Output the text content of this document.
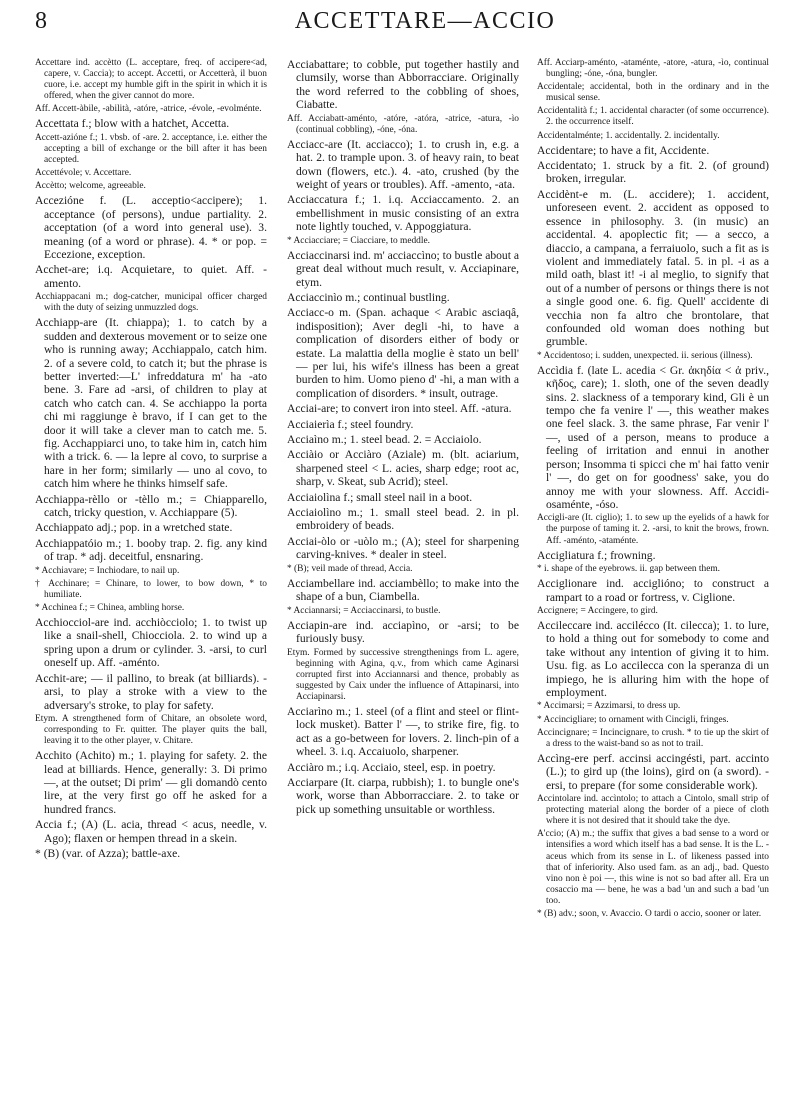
8	ACCETTARE—ACCIO

Accettare ind. accètto (L. acceptare, freq. of accipere<ad, capere, v. Caccia); to accept. Accetti, or Accetterà, il buon cuore, i.e. accept my humble gift in the spirit in which it is offered, when the giver cannot do more.

Aff. Accett-àbile, -abilità, -atóre, -atrice, -évole, -evolménte.

Accettata f.; blow with a hatchet, Accetta.

Accett-azióne f.; 1. vbsb. of -are. 2. acceptance, i.e. either the accepting a bill of exchange or the bill after it has been accepted.

Accettévole; v. Accettare.

Accètto; welcome, agreeable.

Accezióne f. (L. acceptio<accipere); 1. acceptance (of persons), undue partiality. 2. acceptation (of a word into general use). 3. meaning (of a word or phrase). 4. * or pop. = Eccezione, exception.

Acchet-are; i.q. Acquietare, to quiet. Aff. -amento.

Acchiappacani m.; dog-catcher, municipal officer charged with the duty of seizing unmuzzled dogs.

Acchiapp-are (It. chiappa); 1. to catch by a sudden and dexterous movement or to seize one who is running away; Acchiappalo, catch him. 2. of a severe cold, to catch it; but the phrase is better inverted:—L' infreddatura m' ha -ato bene. 3. Fare ad -arsi, of children to play at catch who catch can. 4. Se acchiappo la porta chi mi raggiunge è bravo, if I can get to the door it will take a clever man to catch me. 5. fig. Acchappiarci uno, to take him in, catch him with a trick. 6. — la lepre al covo, to surprise a hare in her form; similarly — uno al covo, to catch him where he thinks himself safe.

Acchiappa-rèllo or -tèllo m.; = Chiapparello, catch, tricky question, v. Acchiappare (5).

Acchiappato adj.; pop. in a wretched state.

Acchiappatóio m.; 1. booby trap. 2. fig. any kind of trap. * adj. deceitful, ensnaring.

* Acchiavare; = Inchiodare, to nail up.

† Acchinare; = Chinare, to lower, to bow down, * to humiliate.

* Acchinea f.; = Chinea, ambling horse.

Acchiocciol-are ind. acchiòcciolo; 1. to twist up like a snail-shell, Chiocciola. 2. to wind up a spring upon a drum or cylinder. 3. -arsi, to curl oneself up. Aff. -aménto.

Acchit-are; — il pallino, to break (at billiards). -arsi, to play a stroke with a view to the adversary's stroke, to play for safety.

Etym. A strengthened form of Chitare, an obsolete word, corresponding to Fr. quitter. The player quits the ball, leaving it to the other player, v. Chitare.

Acchito (Achito) m.; 1. playing for safety. 2. the lead at billiards. Hence, generally: 3. Di primo —, at the outset; Di prim' — gli domandò cento lire, at the very first go off he asked for a hundred francs.

Accia f.; (A) (L. acia, thread < acus, needle, v. Ago); flaxen or hempen thread in a skein.

* (B) (var. of Azza); battle-axe.

Acciabattare; to cobble, put together hastily and clumsily, worse than Abborracciare. Originally the word referred to the cobbling of shoes, Ciabatte.

Aff. Acciabatt-aménto, -atóre, -atóra, -atrice, -atura, -ìo (continual cobbling), -óne, -óna.

Acciacc-are (It. acciacco); 1. to crush in, e.g. a hat. 2. to trample upon. 3. of heavy rain, to beat down (flowers, etc.). 4. -ato, crushed (by the weight of years or troubles). Aff. -amento, -ata.

Acciaccatura f.; 1. i.q. Acciaccamento. 2. an embellishment in music consisting of an extra note lightly touched, v. Appoggiatura.

* Acciacciare; = Ciacciare, to meddle.

Acciaccinarsi ind. m' acciaccìno; to bustle about a great deal without much result, v. Acciapinare, etym.

Acciaccinìo m.; continual bustling.

Acciacc-o m. (Span. achaque < Arabic asciaqâ, indisposition); Aver degli -hi, to have a complication of disorders either of body or estate. La malattia della moglie è stato un bell' — per lui, his wife's illness has been a great burden to him. Uomo pieno d' -hi, a man with a complication of disorders. * insult, outrage.

Acciai-are; to convert iron into steel. Aff. -atura.

Acciaierìa f.; steel foundry.

Acciaìno m.; 1. steel bead. 2. = Acciaiolo.

Acciàio or Acciàro (Aziale) m. (blt. aciarium, sharpened steel < L. acies, sharp edge; root ac, sharp, v. Skeat, sub Acrid); steel.

Acciaiolìna f.; small steel nail in a boot.

Acciaiolìno m.; 1. small steel bead. 2. in pl. embroidery of beads.

Acciai-òlo or -uòlo m.; (A); steel for sharpening carving-knives. * dealer in steel.

* (B); veil made of thread, Accia.

Acciambellare ind. acciambèllo; to make into the shape of a bun, Ciambella.

* Acciannarsi; = Acciaccinarsi, to bustle.

Acciapin-are ind. acciapìno, or -arsi; to be furiously busy.

Etym. Formed by successive strengthenings from L. agere, beginning with Agina, q.v., from which came Aginarsi corrupted first into Acciannarsi and thence, probably as suggested by Caix under the influence of Attapinarsi, into Acciapinarsi.

Acciarìno m.; 1. steel (of a flint and steel or flint-lock musket). Batter l' —, to strike fire, fig. to act as a go-between for lovers. 2. linch-pin of a wheel. 3. i.q. Accaiuolo, sharpener.

Acciàro m.; i.q. Acciaio, steel, esp. in poetry.

Acciarpare (It. ciarpa, rubbish); 1. to bungle one's work, worse than Abborracciare. 2. to take or pick up something unsuitable or worthless.

Aff. Acciarp-aménto, -ataménte, -atore, -atura, -ìo, continual bungling; -óne, -óna, bungler.

Accidentale; accidental, both in the ordinary and in the musical sense.

Accidentalità f.; 1. accidental character (of some occurrence). 2. the occurrence itself.

Accidentalménte; 1. accidentally. 2. incidentally.

Accidentare; to have a fit, Accidente.

Accidentato; 1. struck by a fit. 2. (of ground) broken, irregular.

Accidènt-e m. (L. accidere); 1. accident, unforeseen event. 2. accident as opposed to essence in philosophy. 3. (in music) an accidental. 4. apoplectic fit; — a secco, a diaccio, a campana, a ferraiuolo, such a fit as is violent and immediately fatal. 5. in pl. -i as a mild oath, blast it! -i al meglio, to signify that out of a number of persons or things there is not a single good one. 6. fig. Quell' accidente di vecchia non fa altro che brontolare, that confounded old woman does nothing but grumble.

* Accidentoso; i. sudden, unexpected. ii. serious (illness).

Accìdia f. (late L. acedia < Gr. ἀκηδία < ἀ priv., κῆδος, care); 1. sloth, one of the seven deadly sins. 2. slackness of a temporary kind, Gli è un tempo che fa venire l' —, this weather makes one feel slack. 3. the same phrase, Far venir l' —, used of a person, means to produce a feeling of irritation and ennui in another person; Insomma ti spicci che m' hai fatto venir l' —, do get on for goodness' sake, you do annoy me with your slowness. Aff. Accidi-osaménte, -óso.

Accigli-are (It. ciglio); 1. to sew up the eyelids of a hawk for the purpose of taming it. 2. -arsi, to knit the brows, frown. Aff. -aménto, -ataménte.

Accigliatura f.; frowning.

* i. shape of the eyebrows. ii. gap between them.

Acciglionare ind. acciglióno; to construct a rampart to a road or fortress, v. Ciglione.

Accignere; = Accingere, to gird.

Accileccare ind. accilécco (It. cilecca); 1. to lure, to hold a thing out for somebody to come and take without any intention of giving it to him. Usu. fig. as Lo accilecca con la speranza di un impiego, he is alluring him with the hope of employment.

* Accimarsi; = Azzimarsi, to dress up.

* Accincigliare; to ornament with Cincigli, fringes.

Accincignare; = Incincignare, to crush. * to tie up the skirt of a dress to the waist-band so as not to trail.

Accìng-ere perf. accinsi accingésti, part. accinto (L.); to gird up (the loins), gird on (a sword). -ersi, to prepare (for some considerable work).

Accintolare ind. accìntolo; to attach a Cintolo, small strip of protecting material along the border of a piece of cloth where it is not desired that it should take the dye.

A'ccio; (A) m.; the suffix that gives a bad sense to a word or intensifies a word which itself has a bad sense. It is the L. -aceus which from its sense in L. of likeness passed into that of inferiority. Also used fam. as an adj., bad. Questo vino non è poi —, this wine is not so bad after all. Era un cosaccio ma — bene, he was a bad 'un and such a bad 'un too.

* (B) adv.; soon, v. Avaccio. O tardi o accio, sooner or later.
